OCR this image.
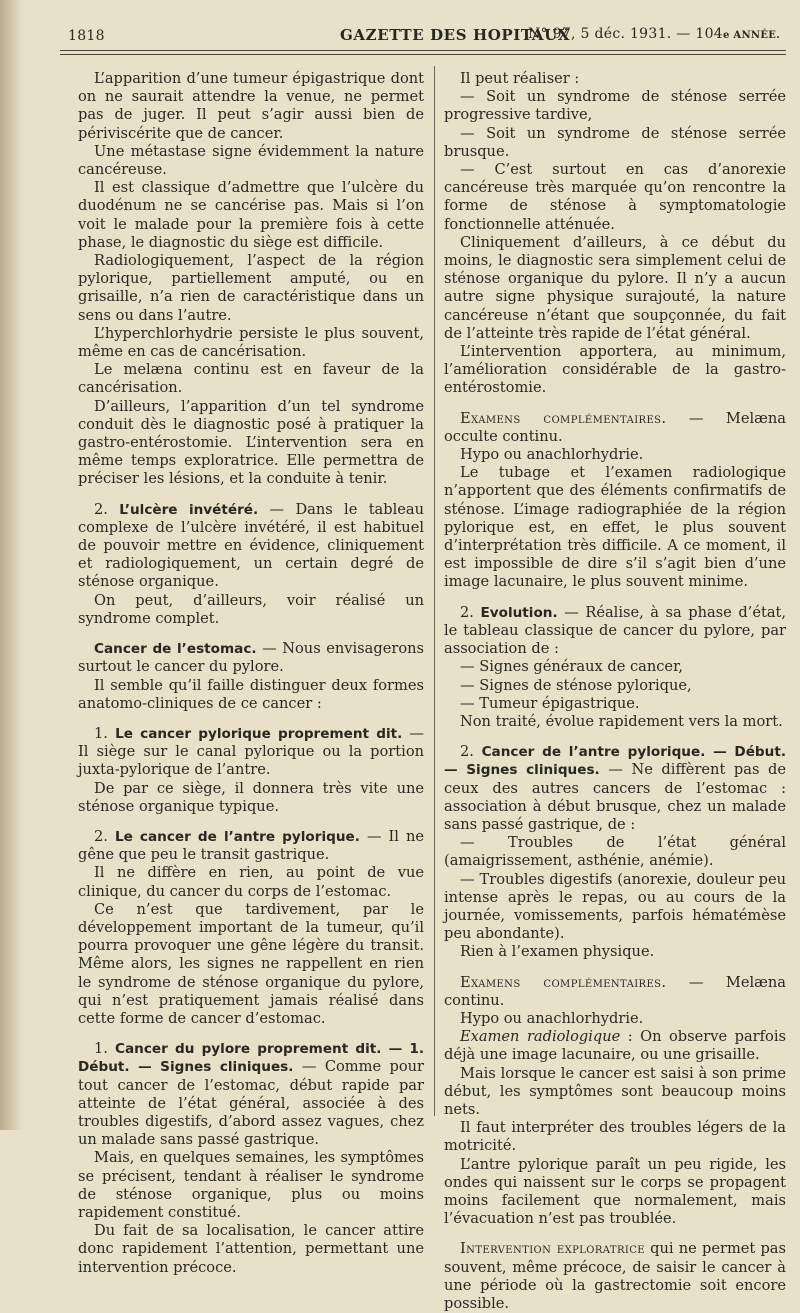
1818	GAZETTE DES HOPITAUX
N° 97, 5 déc. 1931. — 104e ANNÉE.

L’apparition d’une tumeur épigastrique dont on ne saurait attendre la venue, ne permet pas de juger. Il peut s’agir aussi bien de périviscérite que de cancer.

Une métastase signe évidemment la nature cancéreuse.

Il est classique d’admettre que l’ulcère du duodénum ne se cancérise pas. Mais si l’on voit le malade pour la première fois à cette phase, le diagnostic du siège est difficile.

Radiologiquement, l’aspect de la région pylorique, partiellement amputé, ou en grisaille, n’a rien de caractéristique dans un sens ou dans l’autre.

L’hyperchlorhydrie persiste le plus souvent, même en cas de cancérisation.

Le melæna continu est en faveur de la cancérisation.

D’ailleurs, l’apparition d’un tel syndrome conduit dès le diagnostic posé à pratiquer la gastro-entérostomie. L’intervention sera en même temps exploratrice. Elle permettra de préciser les lésions, et la conduite à tenir.

2. L’ulcère invétéré. — Dans le tableau complexe de l’ulcère invétéré, il est habituel de pouvoir mettre en évidence, cliniquement et radiologiquement, un certain degré de sténose organique.

On peut, d’ailleurs, voir réalisé un syndrome complet.

Cancer de l’estomac. — Nous envisagerons surtout le cancer du pylore.

Il semble qu’il faille distinguer deux formes anatomo-cliniques de ce cancer :

1. Le cancer pylorique proprement dit. — Il siège sur le canal pylorique ou la portion juxta-pylorique de l’antre.

De par ce siège, il donnera très vite une sténose organique typique.

2. Le cancer de l’antre pylorique. — Il ne gêne que peu le transit gastrique.

Il ne diffère en rien, au point de vue clinique, du cancer du corps de l’estomac.

Ce n’est que tardivement, par le développement important de la tumeur, qu’il pourra provoquer une gêne légère du transit. Même alors, les signes ne rappellent en rien le syndrome de sténose organique du pylore, qui n’est pratiquement jamais réalisé dans cette forme de cancer d’estomac.

1. Cancer du pylore proprement dit. — 1. Début. — Signes cliniques. — Comme pour tout cancer de l’estomac, début rapide par atteinte de l’état général, associée à des troubles digestifs, d’abord assez vagues, chez un malade sans passé gastrique.

Mais, en quelques semaines, les symptômes se précisent, tendant à réaliser le syndrome de sténose organique, plus ou moins rapidement constitué.

Du fait de sa localisation, le cancer attire donc rapidement l’attention, permettant une intervention précoce.

Il peut réaliser :

— Soit un syndrome de sténose serrée progressive tardive,

— Soit un syndrome de sténose serrée brusque.

— C’est surtout en cas d’anorexie cancéreuse très marquée qu’on rencontre la forme de sténose à symptomatologie fonctionnelle atténuée.

Cliniquement d’ailleurs, à ce début du moins, le diagnostic sera simplement celui de sténose organique du pylore. Il n’y a aucun autre signe physique surajouté, la nature cancéreuse n’étant que soupçonnée, du fait de l’atteinte très rapide de l’état général.

L’intervention apportera, au minimum, l’amélioration considérable de la gastro-entérostomie.

Examens complémentaires. — Melæna occulte continu.

Hypo ou anachlorhydrie.

Le tubage et l’examen radiologique n’apportent que des éléments confirmatifs de sténose. L’image radiographiée de la région pylorique est, en effet, le plus souvent d’interprétation très difficile. A ce moment, il est impossible de dire s’il s’agit bien d’une image lacunaire, le plus souvent minime.

2. Evolution. — Réalise, à sa phase d’état, le tableau classique de cancer du pylore, par association de :

— Signes généraux de cancer,

— Signes de sténose pylorique,

— Tumeur épigastrique.

Non traité, évolue rapidement vers la mort.

2. Cancer de l’antre pylorique. — Début. — Signes cliniques. — Ne diffèrent pas de ceux des autres cancers de l’estomac : association à début brusque, chez un malade sans passé gastrique, de :

— Troubles de l’état général (amaigrissement, asthénie, anémie).

— Troubles digestifs (anorexie, douleur peu intense après le repas, ou au cours de la journée, vomissements, parfois hématémèse peu abondante).

Rien à l’examen physique.

Examens complémentaires. — Melæna continu.

Hypo ou anachlorhydrie.

Examen radiologique : On observe parfois déjà une image lacunaire, ou une grisaille.

Mais lorsque le cancer est saisi à son prime début, les symptômes sont beaucoup moins nets.

Il faut interpréter des troubles légers de la motricité.

L’antre pylorique paraît un peu rigide, les ondes qui naissent sur le corps se propagent moins facilement que normalement, mais l’évacuation n’est pas troublée.

Intervention exploratrice qui ne permet pas souvent, même précoce, de saisir le cancer à une période où la gastrectomie soit encore possible.
